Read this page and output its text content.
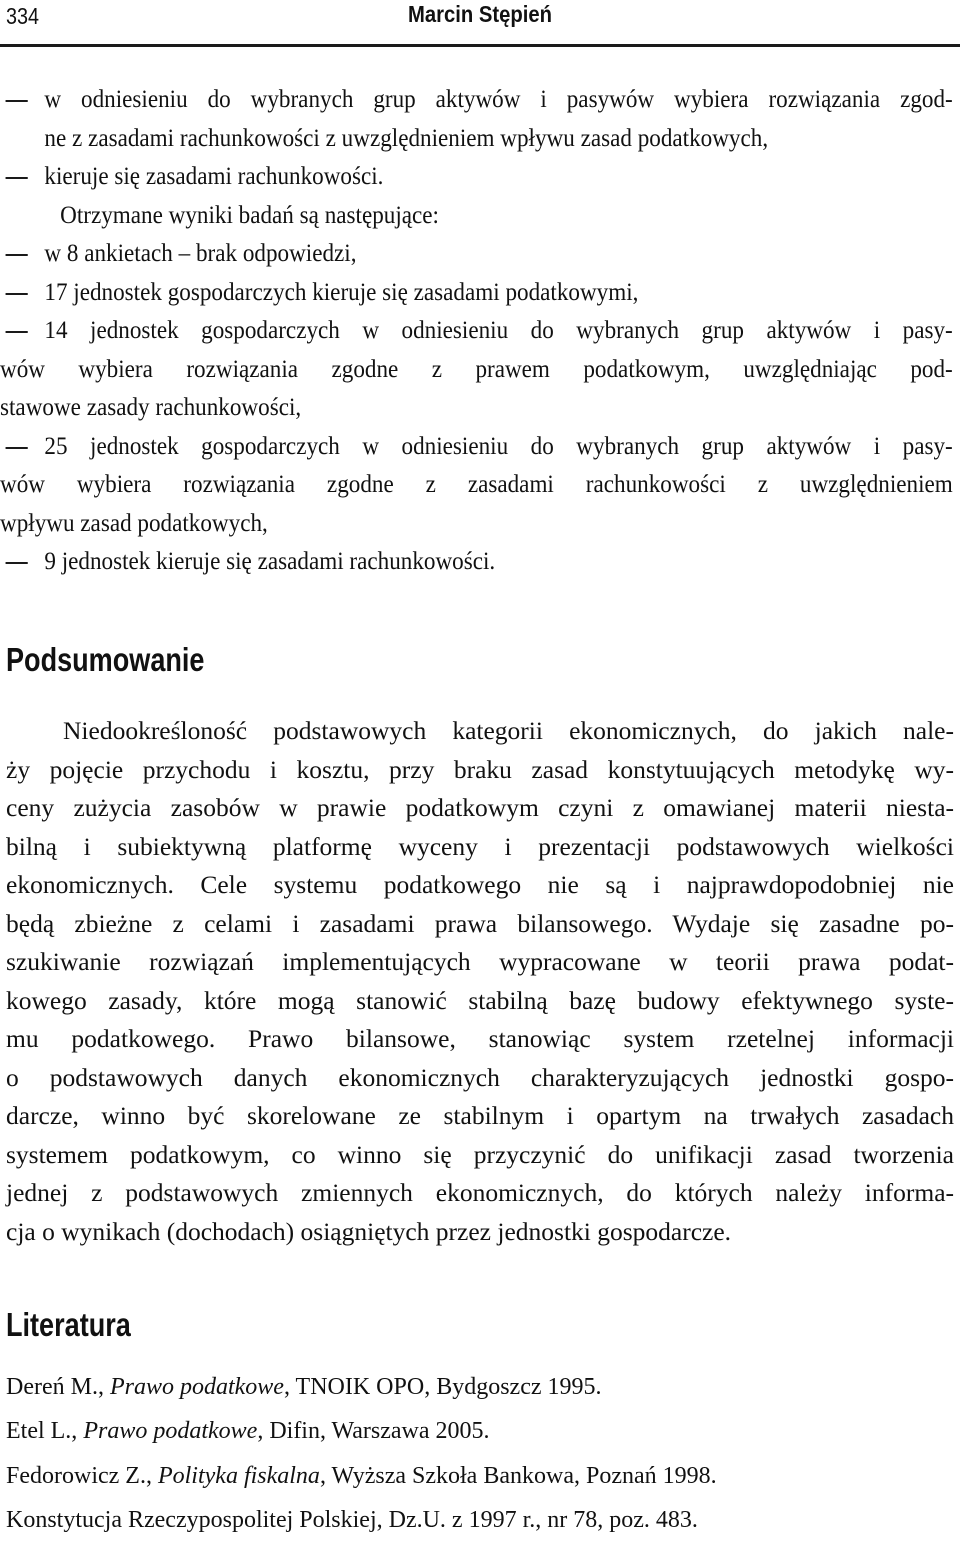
334	Marcin Stępień
w odniesieniu do wybranych grup aktywów i pasywów wybiera rozwiązania zgod-
ne z zasadami rachunkowości z uwzględnieniem wpływu zasad podatkowych,
kieruje się zasadami rachunkowości.
Otrzymane wyniki badań są następujące:
w 8 ankietach – brak odpowiedzi,
17 jednostek gospodarczych kieruje się zasadami podatkowymi,
14 jednostek gospodarczych w odniesieniu do wybranych grup aktywów i pasy-
wów wybiera rozwiązania zgodne z prawem podatkowym, uwzględniając pod-
stawowe zasady rachunkowości,
25 jednostek gospodarczych w odniesieniu do wybranych grup aktywów i pasy-
wów wybiera rozwiązania zgodne z zasadami rachunkowości z uwzględnieniem
wpływu zasad podatkowych,
9 jednostek kieruje się zasadami rachunkowości.
Podsumowanie
Niedookreśloność podstawowych kategorii ekonomicznych, do jakich nale-
ży pojęcie przychodu i kosztu, przy braku zasad konstytuujących metodykę wy-
ceny zużycia zasobów w prawie podatkowym czyni z omawianej materii niesta-
bilną i subiektywną platformę wyceny i prezentacji podstawowych wielkości
ekonomicznych. Cele systemu podatkowego nie są i najprawdopodobniej nie
będą zbieżne z celami i zasadami prawa bilansowego. Wydaje się zasadne po-
szukiwanie rozwiązań implementujących wypracowane w teorii prawa podat-
kowego zasady, które mogą stanowić stabilną bazę budowy efektywnego syste-
mu podatkowego. Prawo bilansowe, stanowiąc system rzetelnej informacji
o podstawowych danych ekonomicznych charakteryzujących jednostki gospo-
darcze, winno być skorelowane ze stabilnym i opartym na trwałych zasadach
systemem podatkowym, co winno się przyczynić do unifikacji zasad tworzenia
jednej z podstawowych zmiennych ekonomicznych, do których należy informa-
cja o wynikach (dochodach) osiągniętych przez jednostki gospodarcze.
Literatura
Dereń M., Prawo podatkowe, TNOIK OPO, Bydgoszcz 1995.
Etel L., Prawo podatkowe, Difin, Warszawa 2005.
Fedorowicz Z., Polityka fiskalna, Wyższa Szkoła Bankowa, Poznań 1998.
Konstytucja Rzeczypospolitej Polskiej, Dz.U. z 1997 r., nr 78, poz. 483.
